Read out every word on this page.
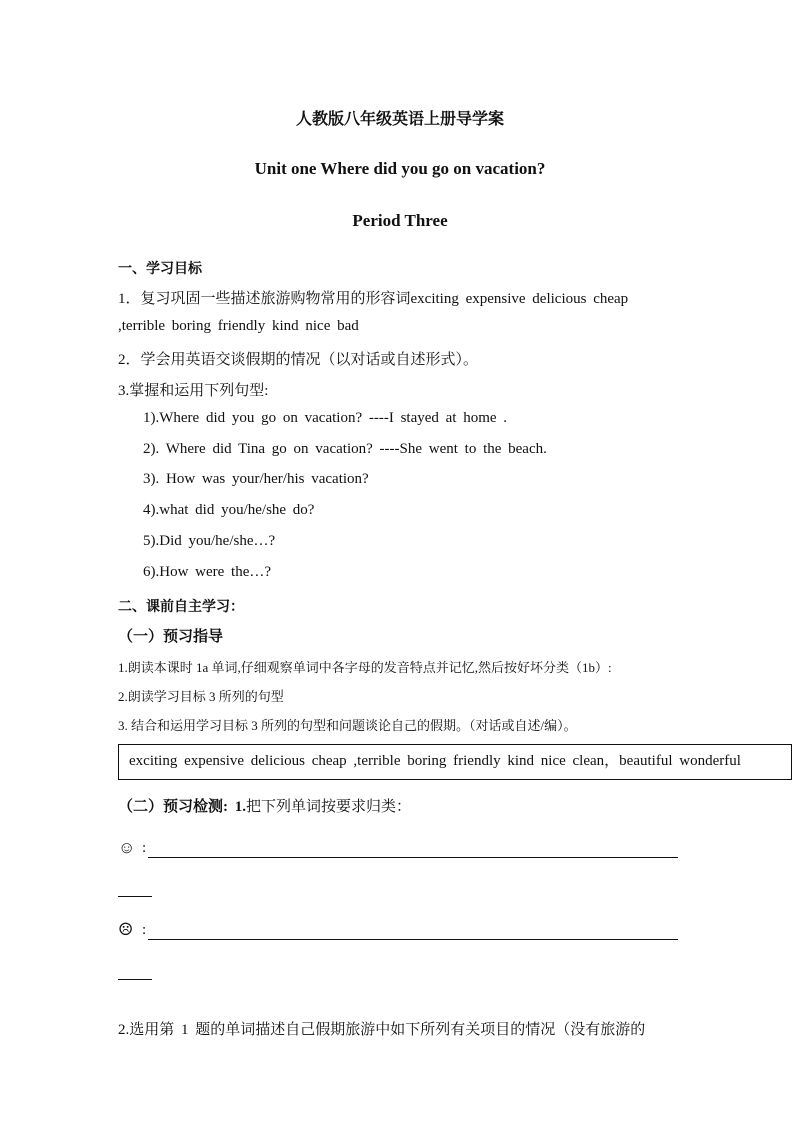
人教版八年级英语上册导学案
Unit one Where did you go on vacation?
Period Three
一、学习目标
1．复习巩固一些描述旅游购物常用的形容词exciting expensive delicious cheap
,terrible boring friendly kind nice bad
2．学会用英语交谈假期的情况（以对话或自述形式）。
3.掌握和运用下列句型:
1).Where did you go on vacation? ----I stayed at home .
2). Where did Tina go on vacation? ----She went to the beach.
3). How was your/her/his vacation?
4).what did you/he/she do?
5).Did you/he/she…?
6).How were the…?
二、课前自主学习：
（一）预习指导
1.朗读本课时 1a 单词,仔细观察单词中各字母的发音特点并记忆,然后按好坏分类（1b）:
2.朗读学习目标 3 所列的句型
3. 结合和运用学习目标 3 所列的句型和问题谈论自己的假期。（对话或自述/编）。
exciting expensive delicious cheap ,terrible boring friendly kind nice clean，beautiful wonderful
（二）预习检测: 1.把下列单词按要求归类：
☺ :
☹ :
2.选用第 1 题的单词描述自己假期旅游中如下所列有关项目的情况（没有旅游的
